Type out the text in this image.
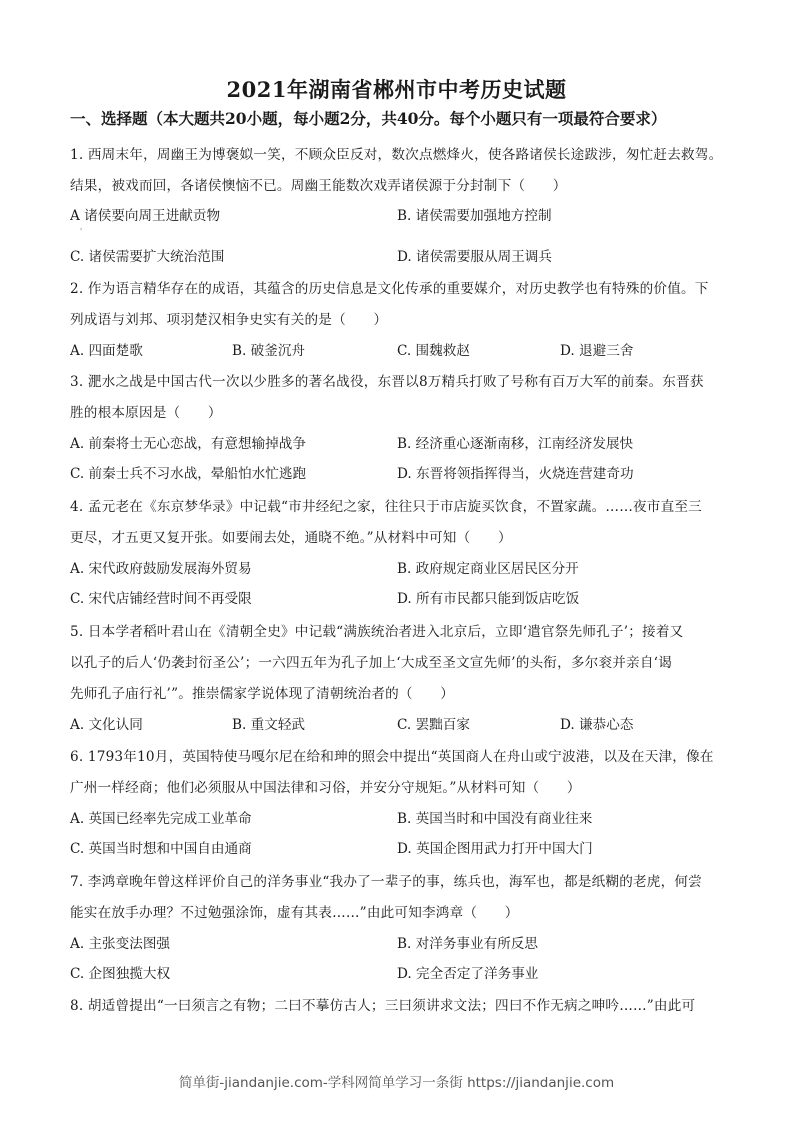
2021年湖南省郴州市中考历史试题
一、选择题（本大题共20小题，每小题2分，共40分。每个小题只有一项最符合要求）
1. 西周末年，周幽王为博褒姒一笑，不顾众臣反对，数次点燃烽火，使各路诸侯长途跋涉，匆忙赶去救驾。
结果，被戏而回，各诸侯懊恼不已。周幽王能数次戏弄诸侯源于分封制下（　　）
A 诸侯要向周王进献贡物	B. 诸侯需要加强地方控制
'
C. 诸侯需要扩大统治范围	D. 诸侯需要服从周王调兵
2. 作为语言精华存在的成语，其蕴含的历史信息是文化传承的重要媒介，对历史教学也有特殊的价值。下
列成语与刘邦、项羽楚汉相争史实有关的是（　　）
A. 四面楚歌	B. 破釜沉舟	C. 围魏救赵	D. 退避三舍
3. 淝水之战是中国古代一次以少胜多的著名战役，东晋以8万精兵打败了号称有百万大军的前秦。东晋获
胜的根本原因是（　　）
A. 前秦将士无心恋战，有意想输掉战争	B. 经济重心逐渐南移，江南经济发展快
C. 前秦士兵不习水战，晕船怕水忙逃跑	D. 东晋将领指挥得当，火烧连营建奇功
4. 孟元老在《东京梦华录》中记载“市井经纪之家，往往只于市店旋买饮食，不置家蔬。……夜市直至三
更尽，才五更又复开张。如要闹去处，通晓不绝。”从材料中可知（　　）
A. 宋代政府鼓励发展海外贸易	B. 政府规定商业区居民区分开
C. 宋代店铺经营时间不再受限	D. 所有市民都只能到饭店吃饭
5. 日本学者稻叶君山在《清朝全史》中记载“满族统治者进入北京后，立即‘遣官祭先师孔子’；接着又
以孔子的后人‘仍袭封衍圣公’；一六四五年为孔子加上‘大成至圣文宣先师’的头衔，多尔衮并亲自‘谒
先师孔子庙行礼’”。推崇儒家学说体现了清朝统治者的（　　）
A. 文化认同	B. 重文轻武	C. 罢黜百家	D. 谦恭心态
6. 1793年10月，英国特使马嘎尔尼在给和珅的照会中提出“英国商人在舟山或宁波港，以及在天津，像在
广州一样经商；他们必须服从中国法律和习俗，并安分守规矩。”从材料可知（　　）
A. 英国已经率先完成工业革命	B. 英国当时和中国没有商业往来
C. 英国当时想和中国自由通商	D. 英国企图用武力打开中国大门
7. 李鸿章晚年曾这样评价自己的洋务事业“我办了一辈子的事，练兵也，海军也，都是纸糊的老虎，何尝
能实在放手办理？不过勉强涂饰，虚有其表……”由此可知李鸿章（　　）
A. 主张变法图强	B. 对洋务事业有所反思
C. 企图独揽大权	D. 完全否定了洋务事业
8. 胡适曾提出“一曰须言之有物；二曰不摹仿古人；三曰须讲求文法；四曰不作无病之呻吟……”由此可
简单街-jiandanjie.com-学科网简单学习一条街 https://jiandanjie.com
